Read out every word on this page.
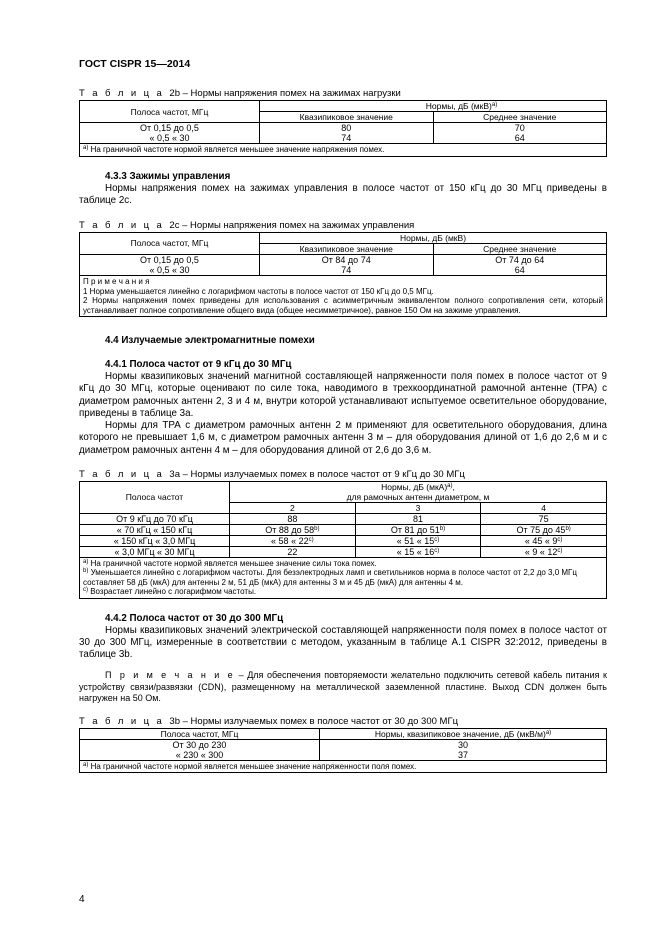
ГОСТ CISPR 15—2014
Т а б л и ц а 2b – Нормы напряжения помех на зажимах нагрузки
Полоса частот, МГц	Нормы, дБ (мкВ)$^{a)}$
	Квазипиковое значение	Среднее значение
От 0,15 до 0,5	80	70
« 0,5 « 30	74	64
$^{a)}$ На граничной частоте нормой является меньшее значение напряжения помех.		
4.3.3 Зажимы управления

Нормы напряжения помех на зажимах управления в полосе частот от 150 кГц до 30 МГц приведены в таблице 2с.

Т а б л и ц а 2с – Нормы напряжения помех на зажимах управления
Полоса частот, МГц	Нормы, дБ (мкВ)	
	Квазипиковое значение	Среднее значение
От 0,15 до 0,5	От 84 до 74	От 74 до 64
« 0,5 « 30	74	64

П р и м е ч а н и я
1 Норма уменьшается линейно с логарифмом частоты в полосе частот от 150 кГц до 0,5 МГц.
2 Нормы напряжения помех приведены для использования с асимметричным эквивалентом полного сопротивления сети, который устанавливает полное сопротивление общего вида (общее несимметричное), равное 150 Ом на зажиме управления.		
4.4 Излучаемые электромагнитные помехи
4.4.1 Полоса частот от 9 кГц до 30 МГц

Нормы квазипиковых значений магнитной составляющей напряженности поля помех в полосе частот от 9 кГц до 30 МГц, которые оценивают по силе тока, наводимого в трехкоординатной рамочной антенне (ТРА) с диаметром рамочных антенн 2, 3 и 4 м, внутри которой устанавливают испытуемое осветительное оборудование, приведены в таблице 3а.

Нормы для ТРА с диаметром рамочных антенн 2 м применяют для осветительного оборудования, длина которого не превышает 1,6 м, с диаметром рамочных антенн 3 м – для оборудования длиной от 1,6 до 2,6 м и с диаметром рамочных антенн 4 м – для оборудования длиной от 2,6 до 3,6 м.

Т а б л и ц а 3а – Нормы излучаемых помех в полосе частот от 9 кГц до 30 МГц
Полоса частот	Нормы, дБ (мкА)$^{a)}$,
для рамочных антенн диаметром, м		
	2	3	4
От 9 кГц до 70 кГц	88	81	75
« 70 кГц « 150 кГц	От 88 до 58$^{b)}$	От 81 до 51$^{b)}$	От 75 до 45$^{b)}$
« 150 кГц « 3,0 МГц	« 58 « 22$^{c)}$	« 51 « 15$^{c)}$	« 45 « 9$^{c)}$
« 3,0 МГц « 30 МГц	22	« 15 « 16$^{c)}$	« 9 « 12$^{c)}$

$^{a)}$ На граничной частоте нормой является меньшее значение силы тока помех.
$^{b)}$ Уменьшается линейно с логарифмом частоты. Для безэлектродных ламп и светильников норма в полосе частот от 2,2 до 3,0 МГц составляет 58 дБ (мкА) для антенны 2 м, 51 дБ (мкА) для антенны 3 м и 45 дБ (мкА) для антенны 4 м.
$^{c)}$ Возрастает линейно с логарифмом частоты.			
4.4.2 Полоса частот от 30 до 300 МГц

Нормы квазипиковых значений электрической составляющей напряженности поля помех в полосе частот от 30 до 300 МГц, измеренные в соответствии с методом, указанным в таблице А.1 CISPR 32:2012, приведены в таблице 3b.

П р и м е ч а н и е – Для обеспечения повторяемости желательно подключить сетевой кабель питания к устройству связи/развязки (CDN), размещенному на металлической заземленной пластине. Выход CDN должен быть нагружен на 50 Ом.

Т а б л и ц а 3b – Нормы излучаемых помех в полосе частот от 30 до 300 МГц
Полоса частот, МГц	Нормы, квазипиковое значение, дБ $(мкВ/м)^{a)}$
От 30 до 230	30
« 230 « 300	37
$^{a)}$ На граничной частоте нормой является меньшее значение напряженности поля помех.	
4
